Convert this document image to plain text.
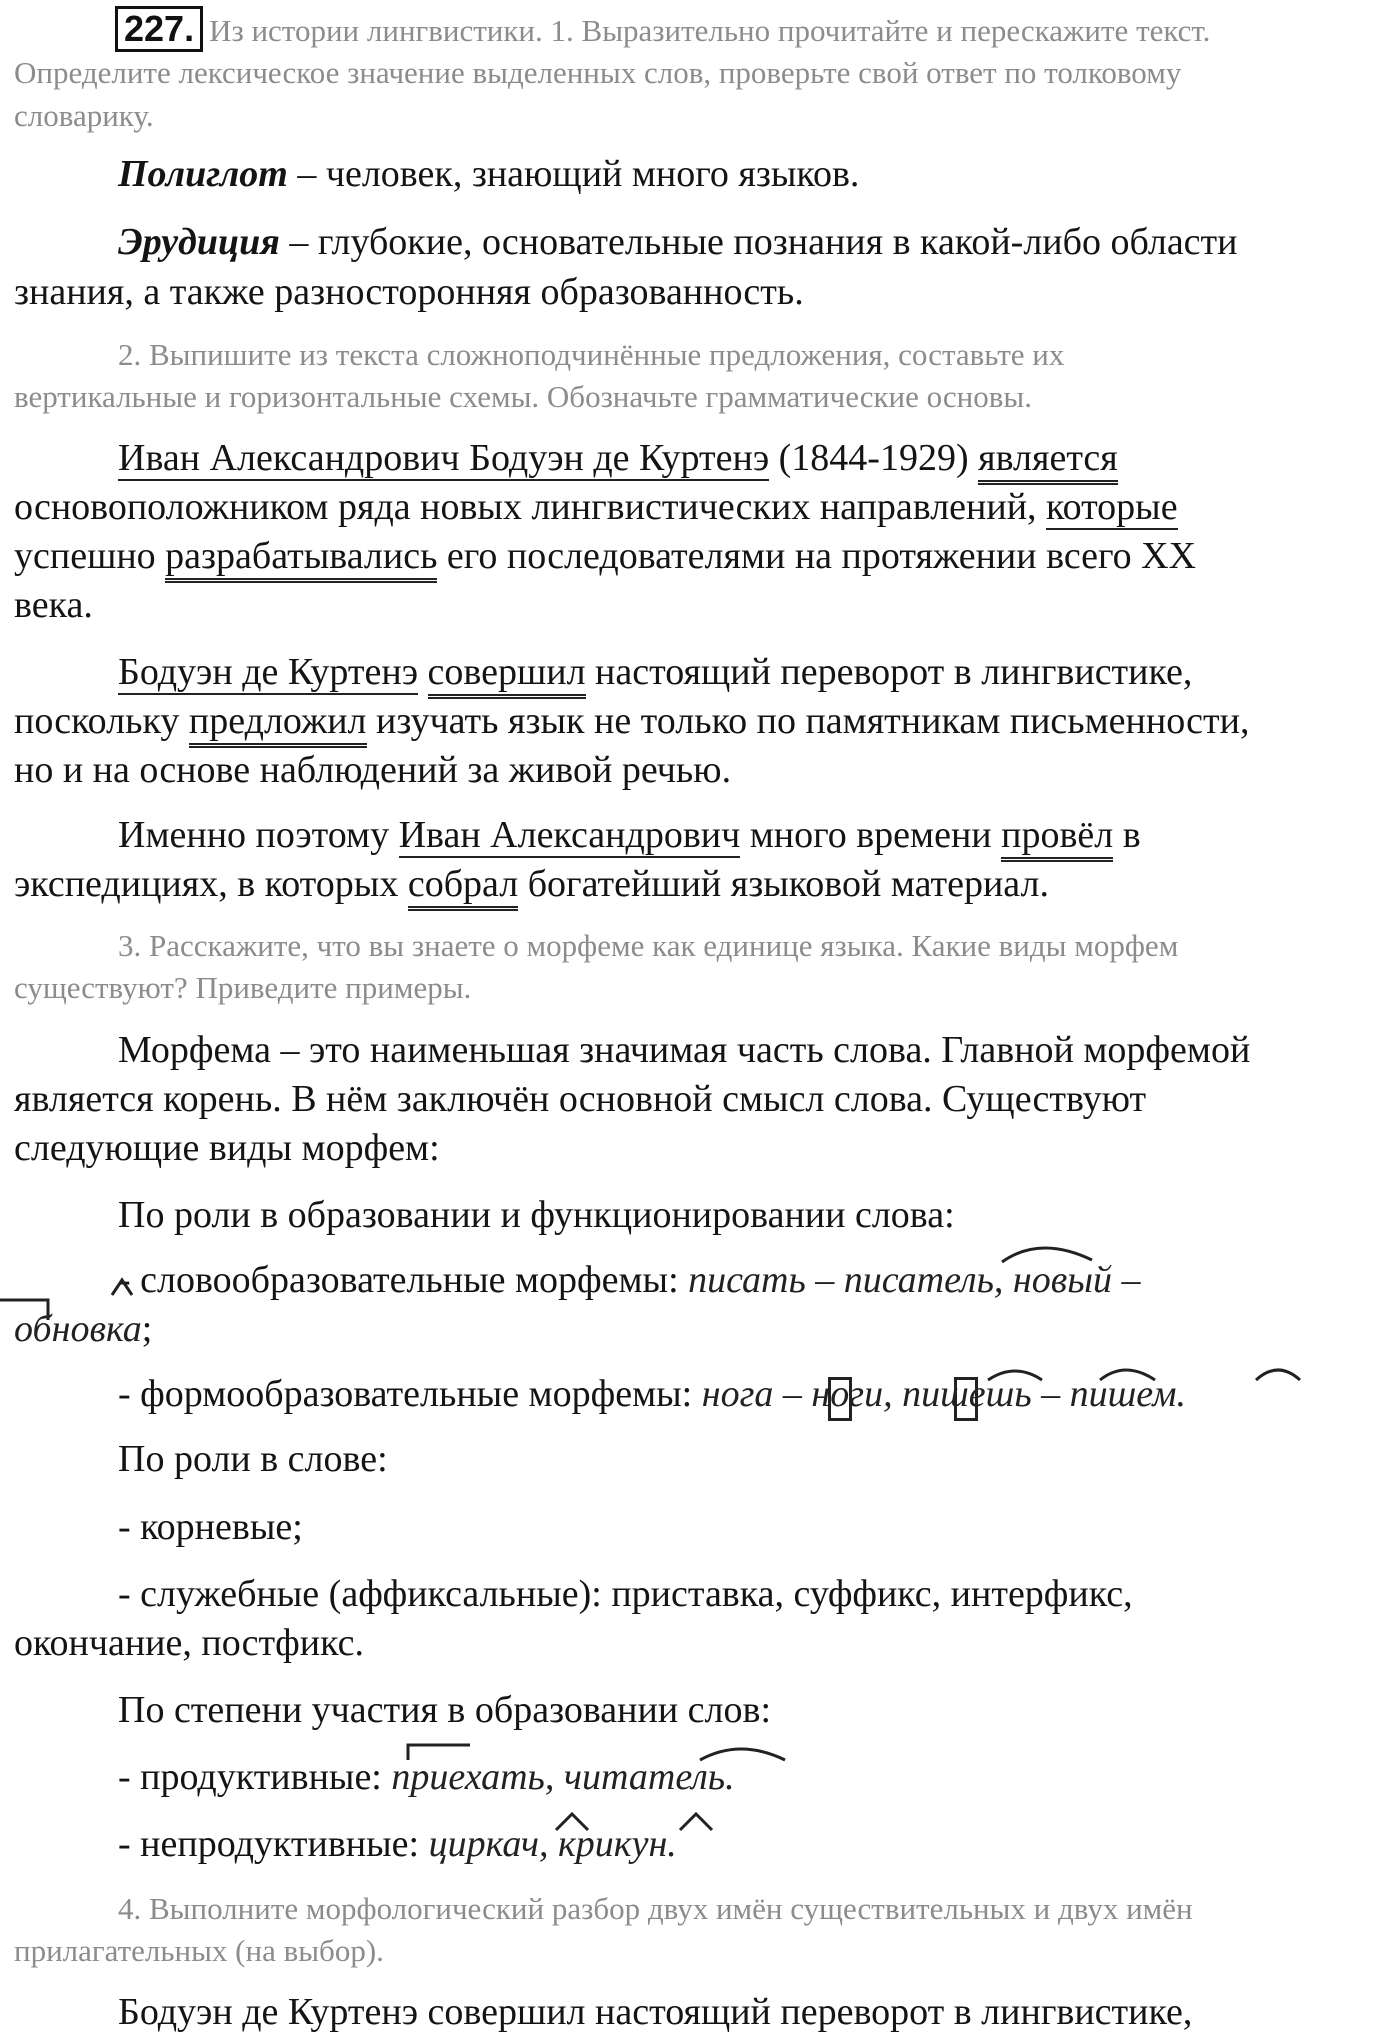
227. Из истории лингвистики. 1. Выразительно прочитайте и перескажите текст.
Определите лексическое значение выделенных слов, проверьте свой ответ по толковому
словарику.
Полиглот – человек, знающий много языков.
Эрудиция – глубокие, основательные познания в какой-либо области
знания, а также разносторонняя образованность.
2. Выпишите из текста сложноподчинённые предложения, составьте их
вертикальные и горизонтальные схемы. Обозначьте грамматические основы.
Иван Александрович Бодуэн де Куртенэ (1844-1929) является
основоположником ряда новых лингвистических направлений, которые
успешно разрабатывались его последователями на протяжении всего XX
века.
Бодуэн де Куртенэ совершил настоящий переворот в лингвистике,
поскольку предложил изучать язык не только по памятникам письменности,
но и на основе наблюдений за живой речью.
Именно поэтому Иван Александрович много времени провёл в
экспедициях, в которых собрал богатейший языковой материал.
3. Расскажите, что вы знаете о морфеме как единице языка. Какие виды морфем
существуют? Приведите примеры.
Морфема – это наименьшая значимая часть слова. Главной морфемой
является корень. В нём заключён основной смысл слова. Существуют
следующие виды морфем:
По роли в образовании и функционировании слова:
- словообразовательные морфемы: писать – писатель, новый –
обновка;
- формообразовательные морфемы: нога – ноги, пишешь – пишем.
По роли в слове:
- корневые;
- служебные (аффиксальные): приставка, суффикс, интерфикс,
окончание, постфикс.
По степени участия в образовании слов:
- продуктивные: приехать, читатель.
- непродуктивные: циркач, крикун.
4. Выполните морфологический разбор двух имён существительных и двух имён
прилагательных (на выбор).
Бодуэн де Куртенэ совершил настоящий переворот в лингвистике,
